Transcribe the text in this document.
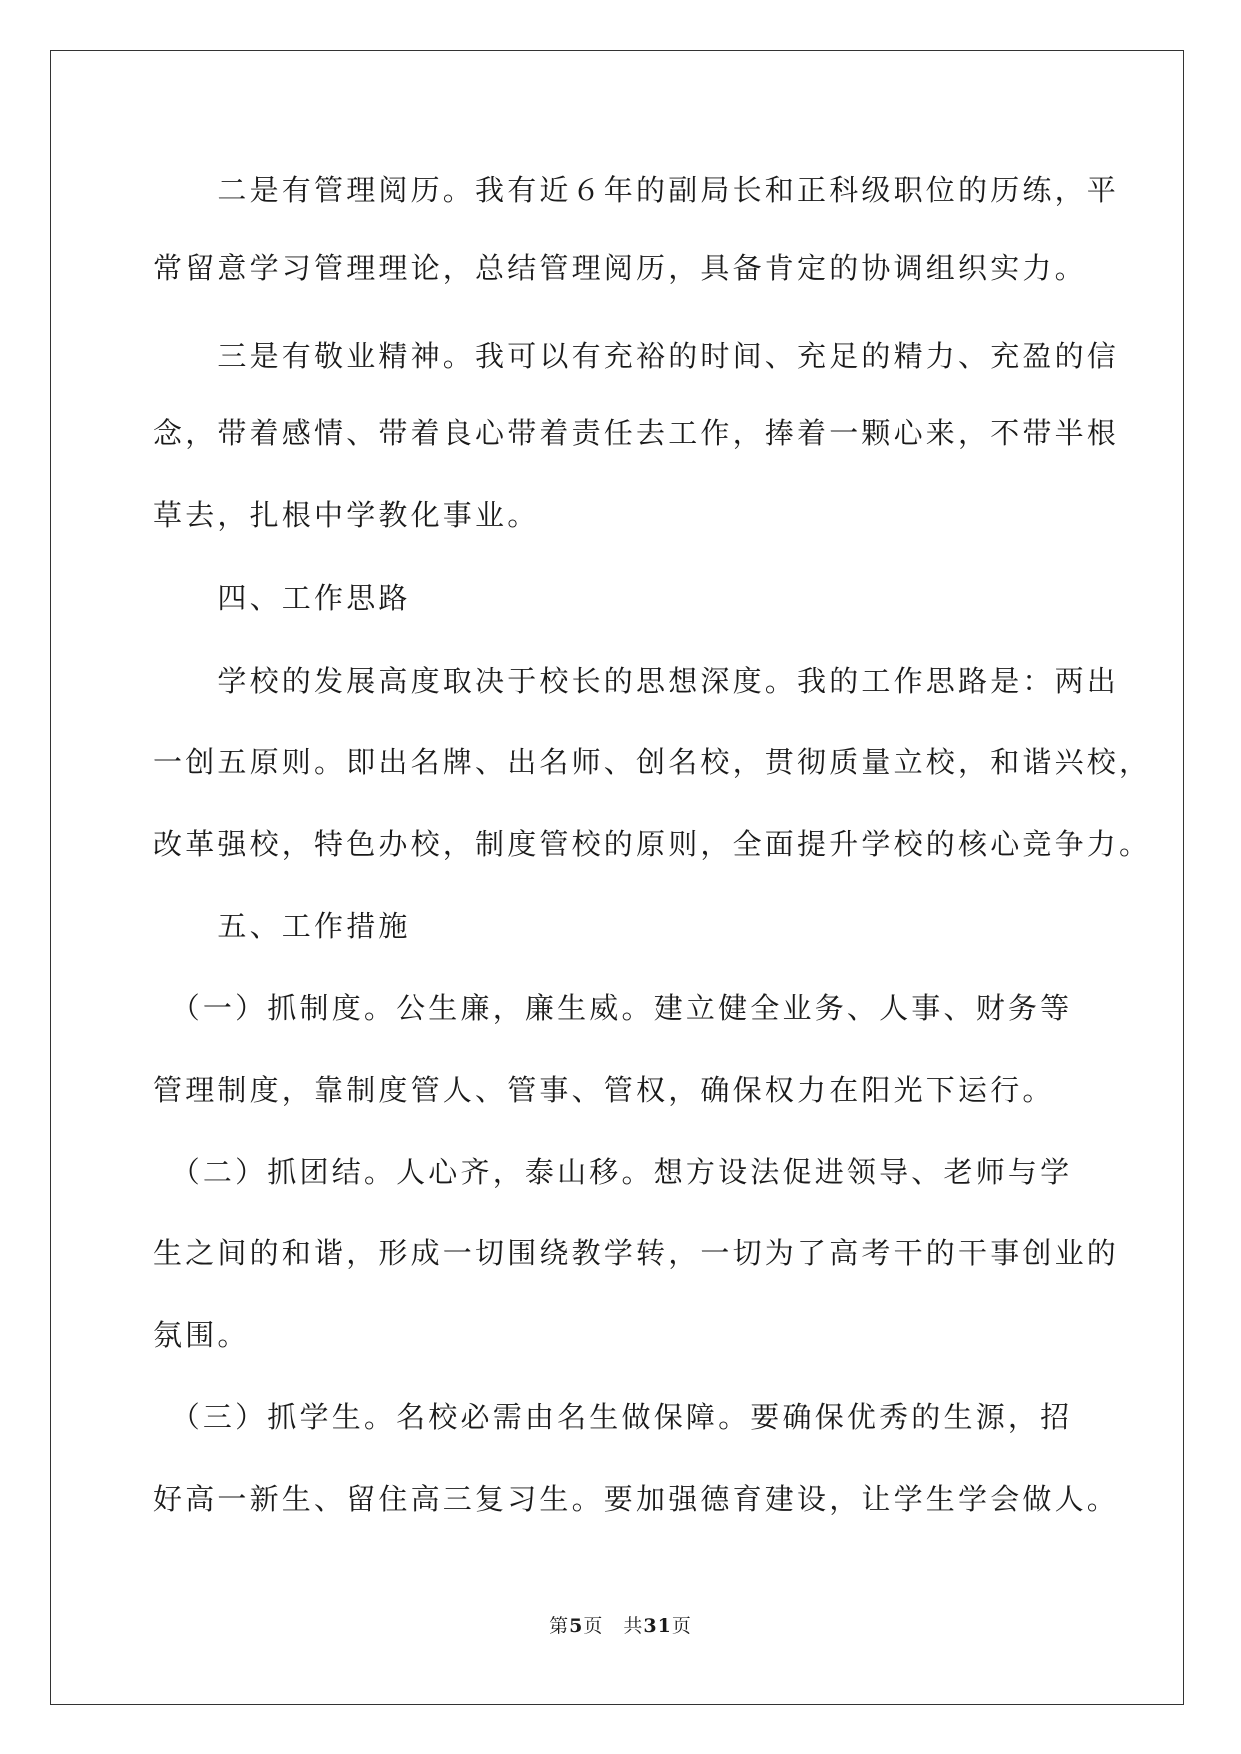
　　二是有管理阅历。我有近６年的副局长和正科级职位的历练，平
常留意学习管理理论，总结管理阅历，具备肯定的协调组织实力。
　　三是有敬业精神。我可以有充裕的时间、充足的精力、充盈的信
念，带着感情、带着良心带着责任去工作，捧着一颗心来，不带半根
草去，扎根中学教化事业。
　　四、工作思路
　　学校的发展高度取决于校长的思想深度。我的工作思路是：两出
一创五原则。即出名牌、出名师、创名校，贯彻质量立校，和谐兴校，
改革强校，特色办校，制度管校的原则，全面提升学校的核心竞争力。
　　五、工作措施
　（一）抓制度。公生廉，廉生威。建立健全业务、人事、财务等
管理制度，靠制度管人、管事、管权，确保权力在阳光下运行。
　（二）抓团结。人心齐，泰山移。想方设法促进领导、老师与学
生之间的和谐，形成一切围绕教学转，一切为了高考干的干事创业的
氛围。
　（三）抓学生。名校必需由名生做保障。要确保优秀的生源，招
好高一新生、留住高三复习生。要加强德育建设，让学生学会做人。
第5页　共31页
